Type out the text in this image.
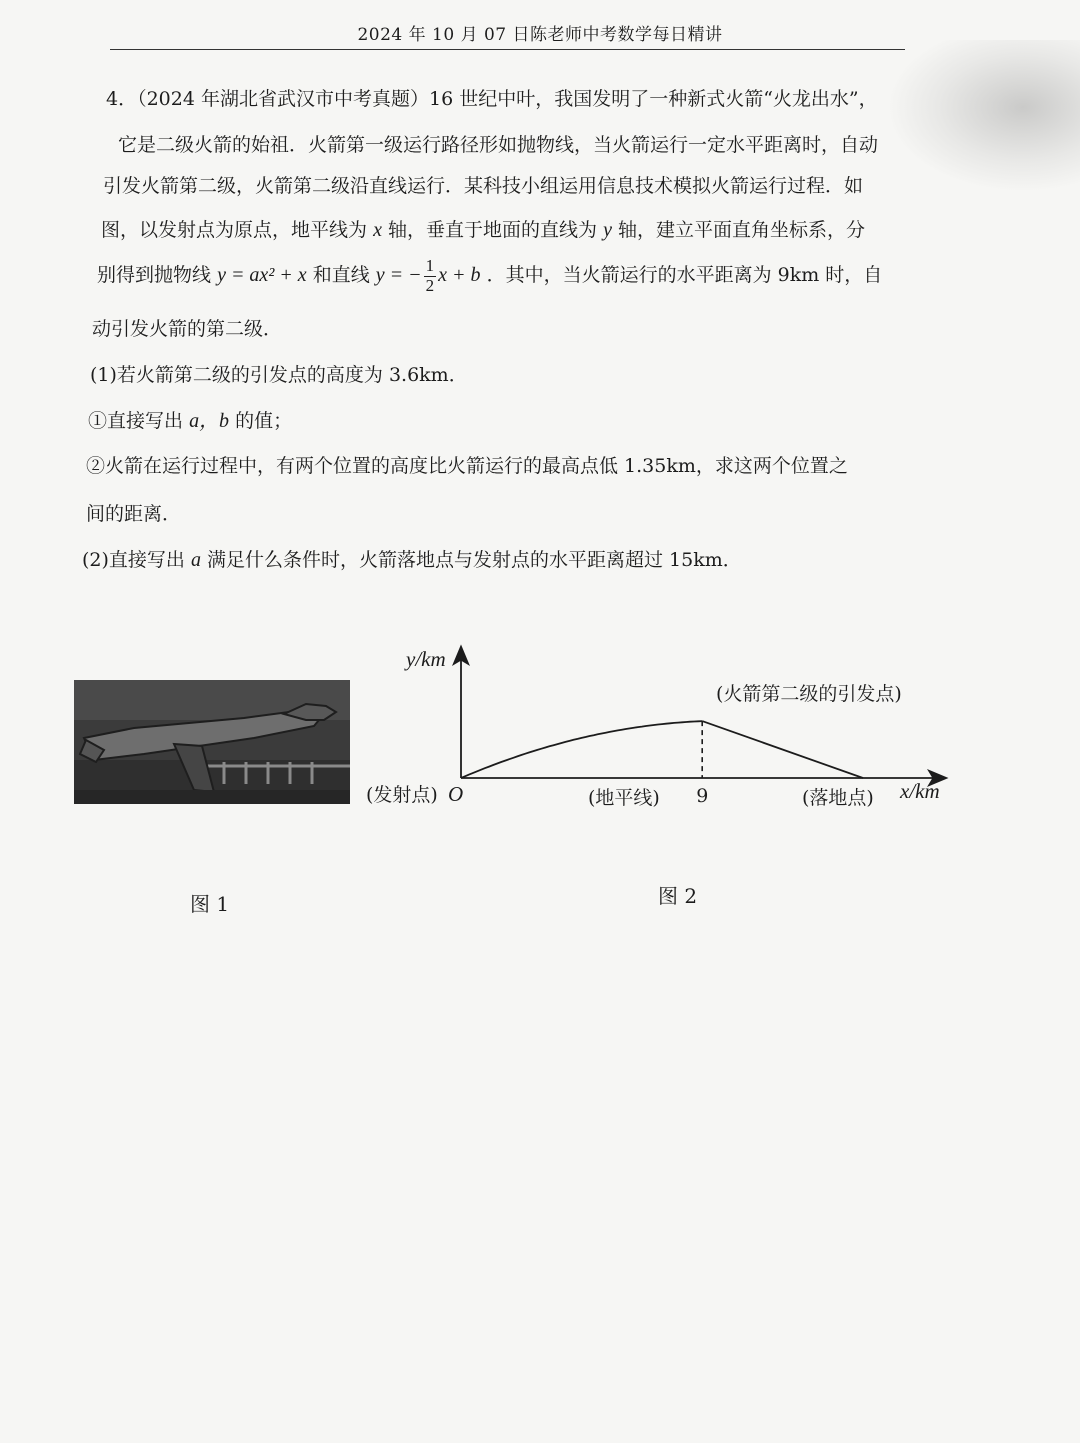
2024 年 10 月 07 日陈老师中考数学每日精讲
4．（2024 年湖北省武汉市中考真题）16 世纪中叶，我国发明了一种新式火箭“火龙出水”，
它是二级火箭的始祖．火箭第一级运行路径形如抛物线，当火箭运行一定水平距离时，自动
引发火箭第二级，火箭第二级沿直线运行．某科技小组运用信息技术模拟火箭运行过程．如
图，以发射点为原点，地平线为 x 轴，垂直于地面的直线为 y 轴，建立平面直角坐标系，分
别得到抛物线 y = ax² + x 和直线 y = − $\frac{1}{2}$ x + b ．其中，当火箭运行的水平距离为 9km 时，自
动引发火箭的第二级．
(1)若火箭第二级的引发点的高度为 3.6km．
①直接写出 a，b 的值；
②火箭在运行过程中，有两个位置的高度比火箭运行的最高点低 1.35km，求这两个位置之
间的距离．
(2)直接写出 a 满足什么条件时，火箭落地点与发射点的水平距离超过 15km．
图 1
y/km
x/km
O
(发射点)	(地平线) 9	(落地点)
(火箭第二级的引发点)
图 2
